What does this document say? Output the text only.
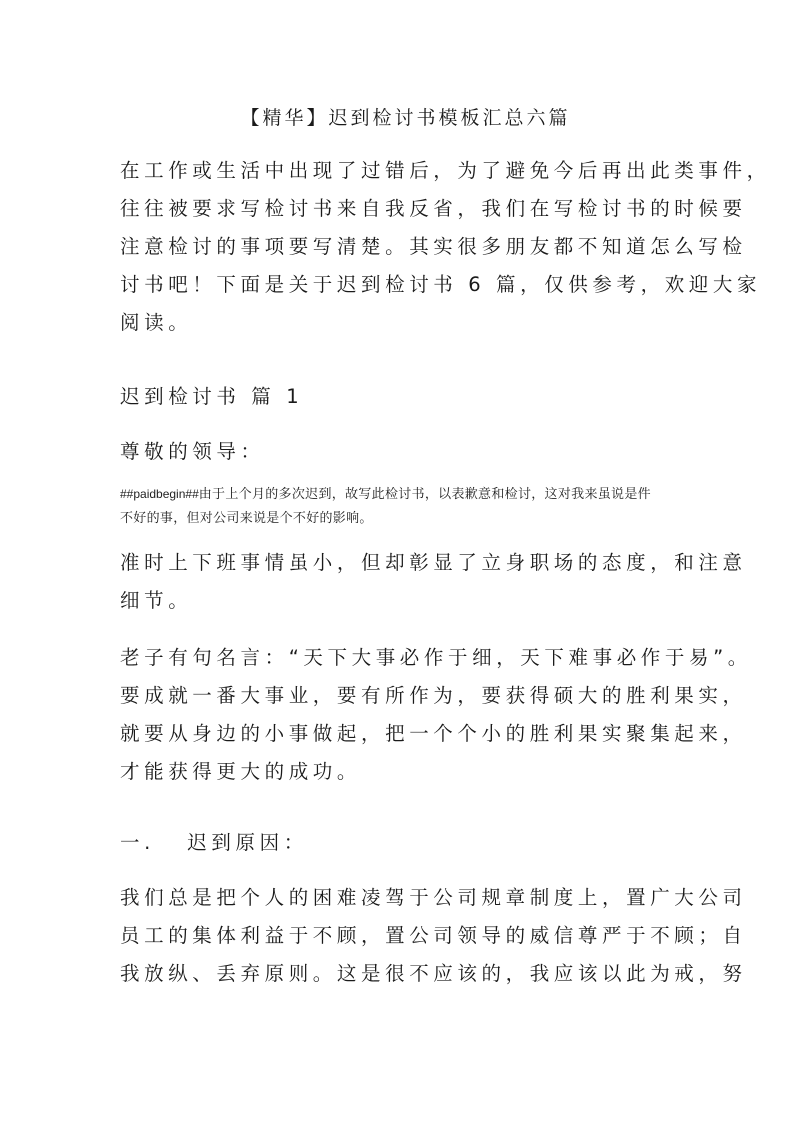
【精华】迟到检讨书模板汇总六篇
在工作或生活中出现了过错后，为了避免今后再出此类事件，
往往被要求写检讨书来自我反省，我们在写检讨书的时候要
注意检讨的事项要写清楚。其实很多朋友都不知道怎么写检
讨书吧！下面是关于迟到检讨书 6 篇，仅供参考，欢迎大家
阅读。
迟到检讨书 篇 1
尊敬的领导：
##paidbegin##由于上个月的多次迟到，故写此检讨书，以表歉意和检讨，这对我来虽说是件
不好的事，但对公司来说是个不好的影响。
准时上下班事情虽小，但却彰显了立身职场的态度，和注意
细节。
老子有句名言：“天下大事必作于细，天下难事必作于易”。
要成就一番大事业，要有所作为，要获得硕大的胜利果实，
就要从身边的小事做起，把一个个小的胜利果实聚集起来，
才能获得更大的成功。
一.   迟到原因：
我们总是把个人的困难凌驾于公司规章制度上，置广大公司
员工的集体利益于不顾，置公司领导的威信尊严于不顾；自
我放纵、丢弃原则。这是很不应该的，我应该以此为戒，努
